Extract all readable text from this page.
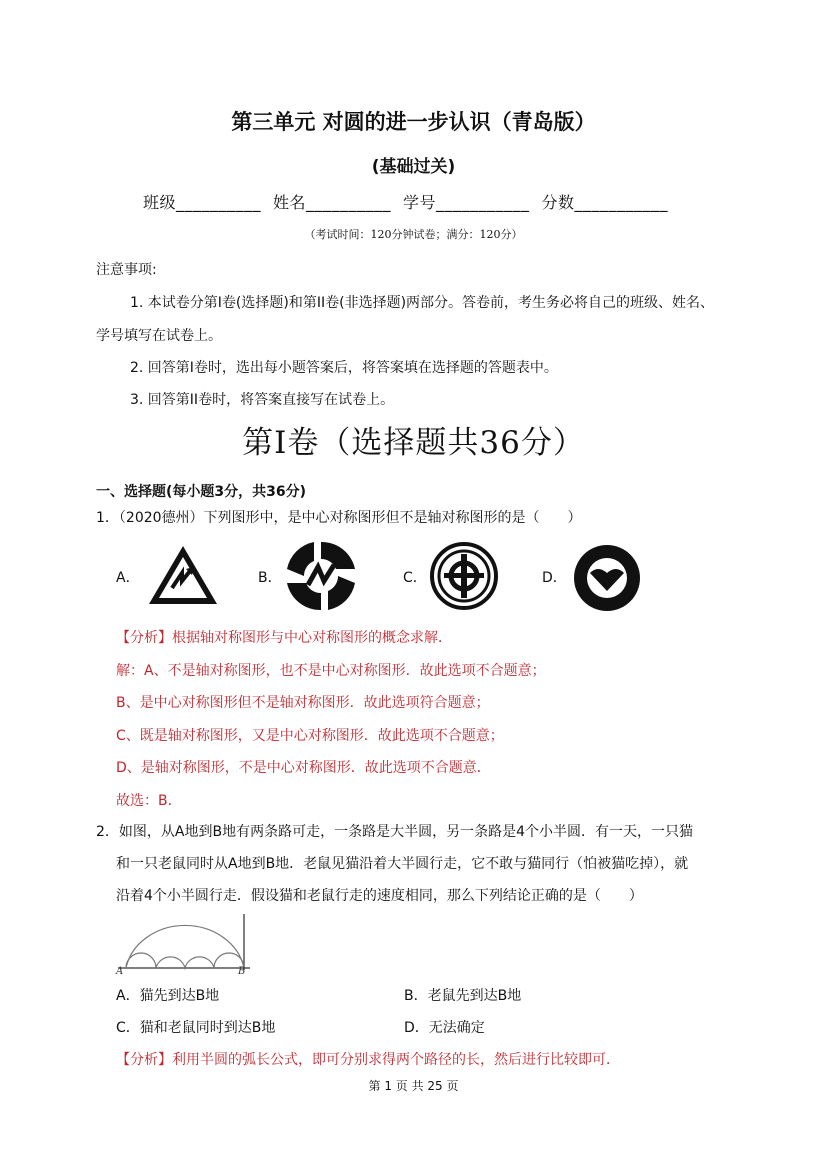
第三单元 对圆的进一步认识（青岛版）
(基础过关)
班级__________ 姓名__________ 学号___________ 分数___________
（考试时间：120分钟试卷；满分：120分）
注意事项:
1. 本试卷分第I卷(选择题)和第II卷(非选择题)两部分。答卷前，考生务必将自己的班级、姓名、
学号填写在试卷上。
2. 回答第I卷时，选出每小题答案后，将答案填在选择题的答题表中。
3. 回答第II卷时，将答案直接写在试卷上。
第I卷（选择题共36分）
一、选择题(每小题3分，共36分)
1．（2020德州）下列图形中，是中心对称图形但不是轴对称图形的是（　　）
A．	B．	C．	D．
【分析】根据轴对称图形与中心对称图形的概念求解．
解：A、不是轴对称图形，也不是中心对称图形．故此选项不合题意；
B、是中心对称图形但不是轴对称图形．故此选项符合题意；
C、既是轴对称图形，又是中心对称图形．故此选项不合题意；
D、是轴对称图形，不是中心对称图形．故此选项不合题意．
故选：B．
2．如图，从A地到B地有两条路可走，一条路是大半圆，另一条路是4个小半圆．有一天，一只猫
和一只老鼠同时从A地到B地．老鼠见猫沿着大半圆行走，它不敢与猫同行（怕被猫吃掉），就
沿着4个小半圆行走．假设猫和老鼠行走的速度相同，那么下列结论正确的是（　　）
A	B
A．猫先到达B地	B．老鼠先到达B地
C．猫和老鼠同时到达B地	D．无法确定
【分析】利用半圆的弧长公式，即可分别求得两个路径的长，然后进行比较即可．
第 1 页 共 25 页
